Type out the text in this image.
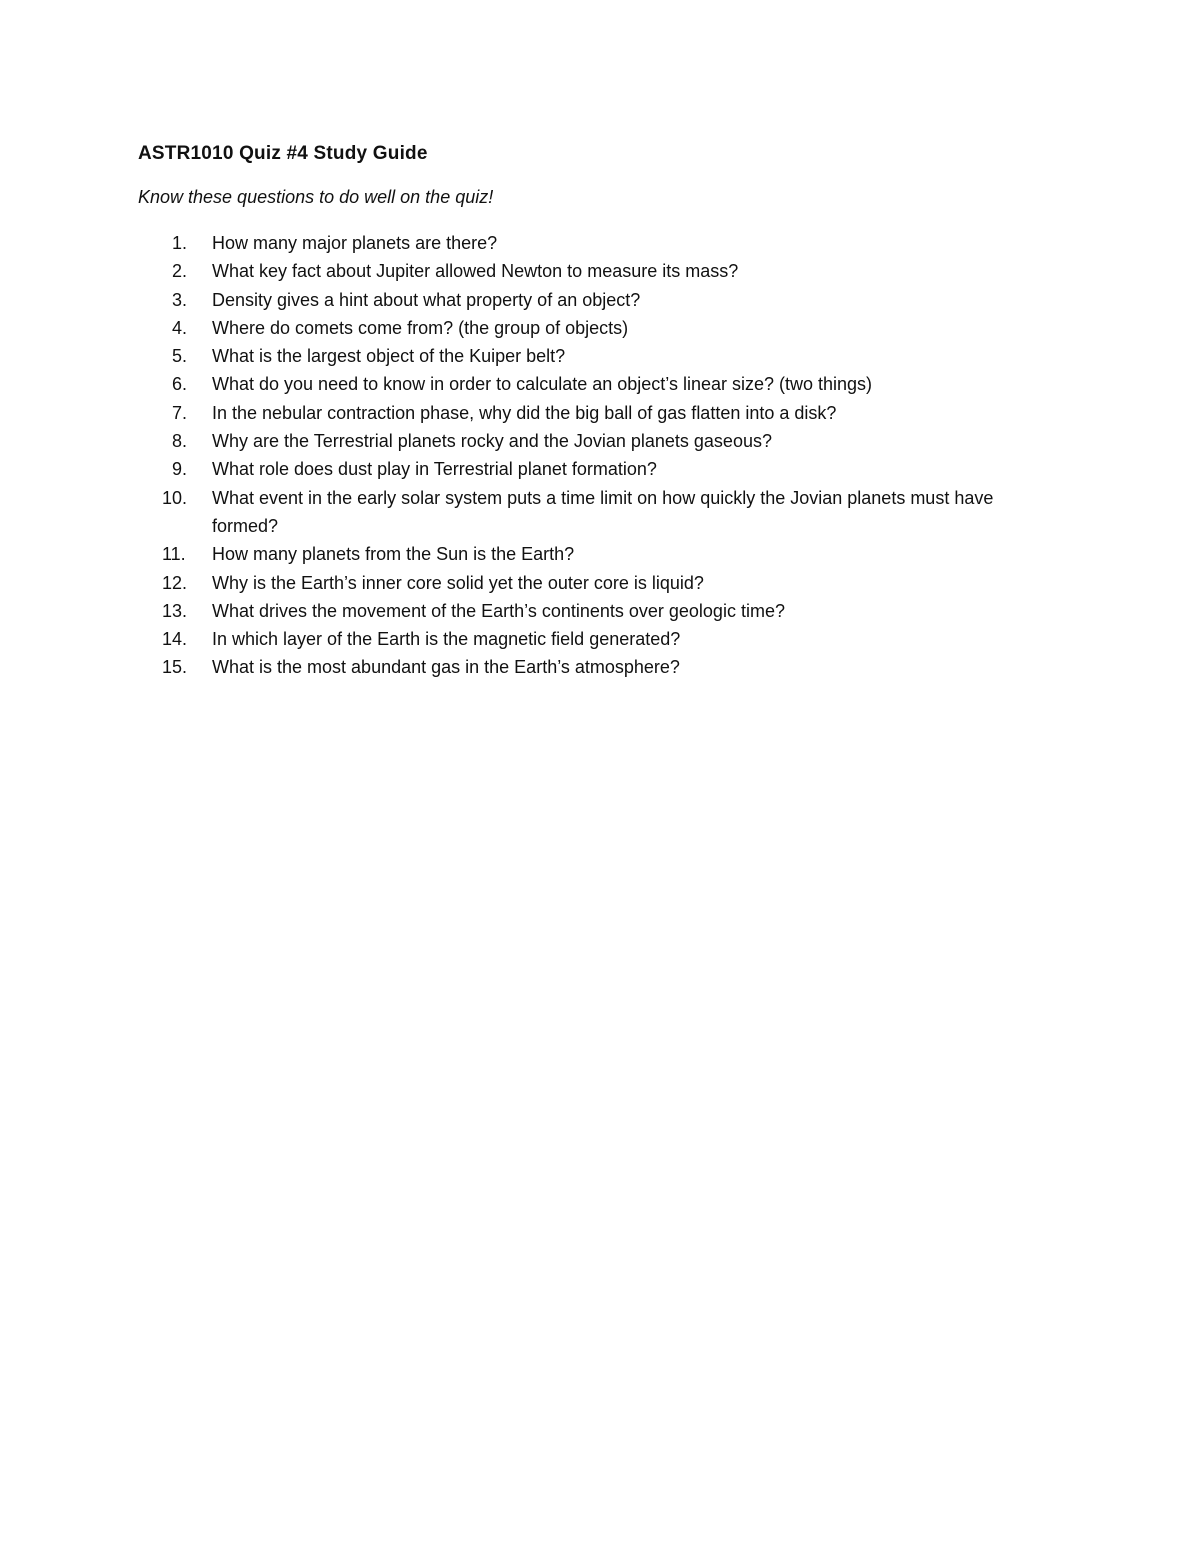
ASTR1010 Quiz #4 Study Guide
Know these questions to do well on the quiz!
1.	How many major planets are there?
2.	What key fact about Jupiter allowed Newton to measure its mass?
3.	Density gives a hint about what property of an object?
4.	Where do comets come from? (the group of objects)
5.	What is the largest object of the Kuiper belt?
6.	What do you need to know in order to calculate an object’s linear size? (two things)
7.	In the nebular contraction phase, why did the big ball of gas flatten into a disk?
8.	Why are the Terrestrial planets rocky and the Jovian planets gaseous?
9.	What role does dust play in Terrestrial planet formation?
10.	What event in the early solar system puts a time limit on how quickly the Jovian planets must have formed?
11.	How many planets from the Sun is the Earth?
12.	Why is the Earth’s inner core solid yet the outer core is liquid?
13.	What drives the movement of the Earth’s continents over geologic time?
14.	In which layer of the Earth is the magnetic field generated?
15.	What is the most abundant gas in the Earth’s atmosphere?
